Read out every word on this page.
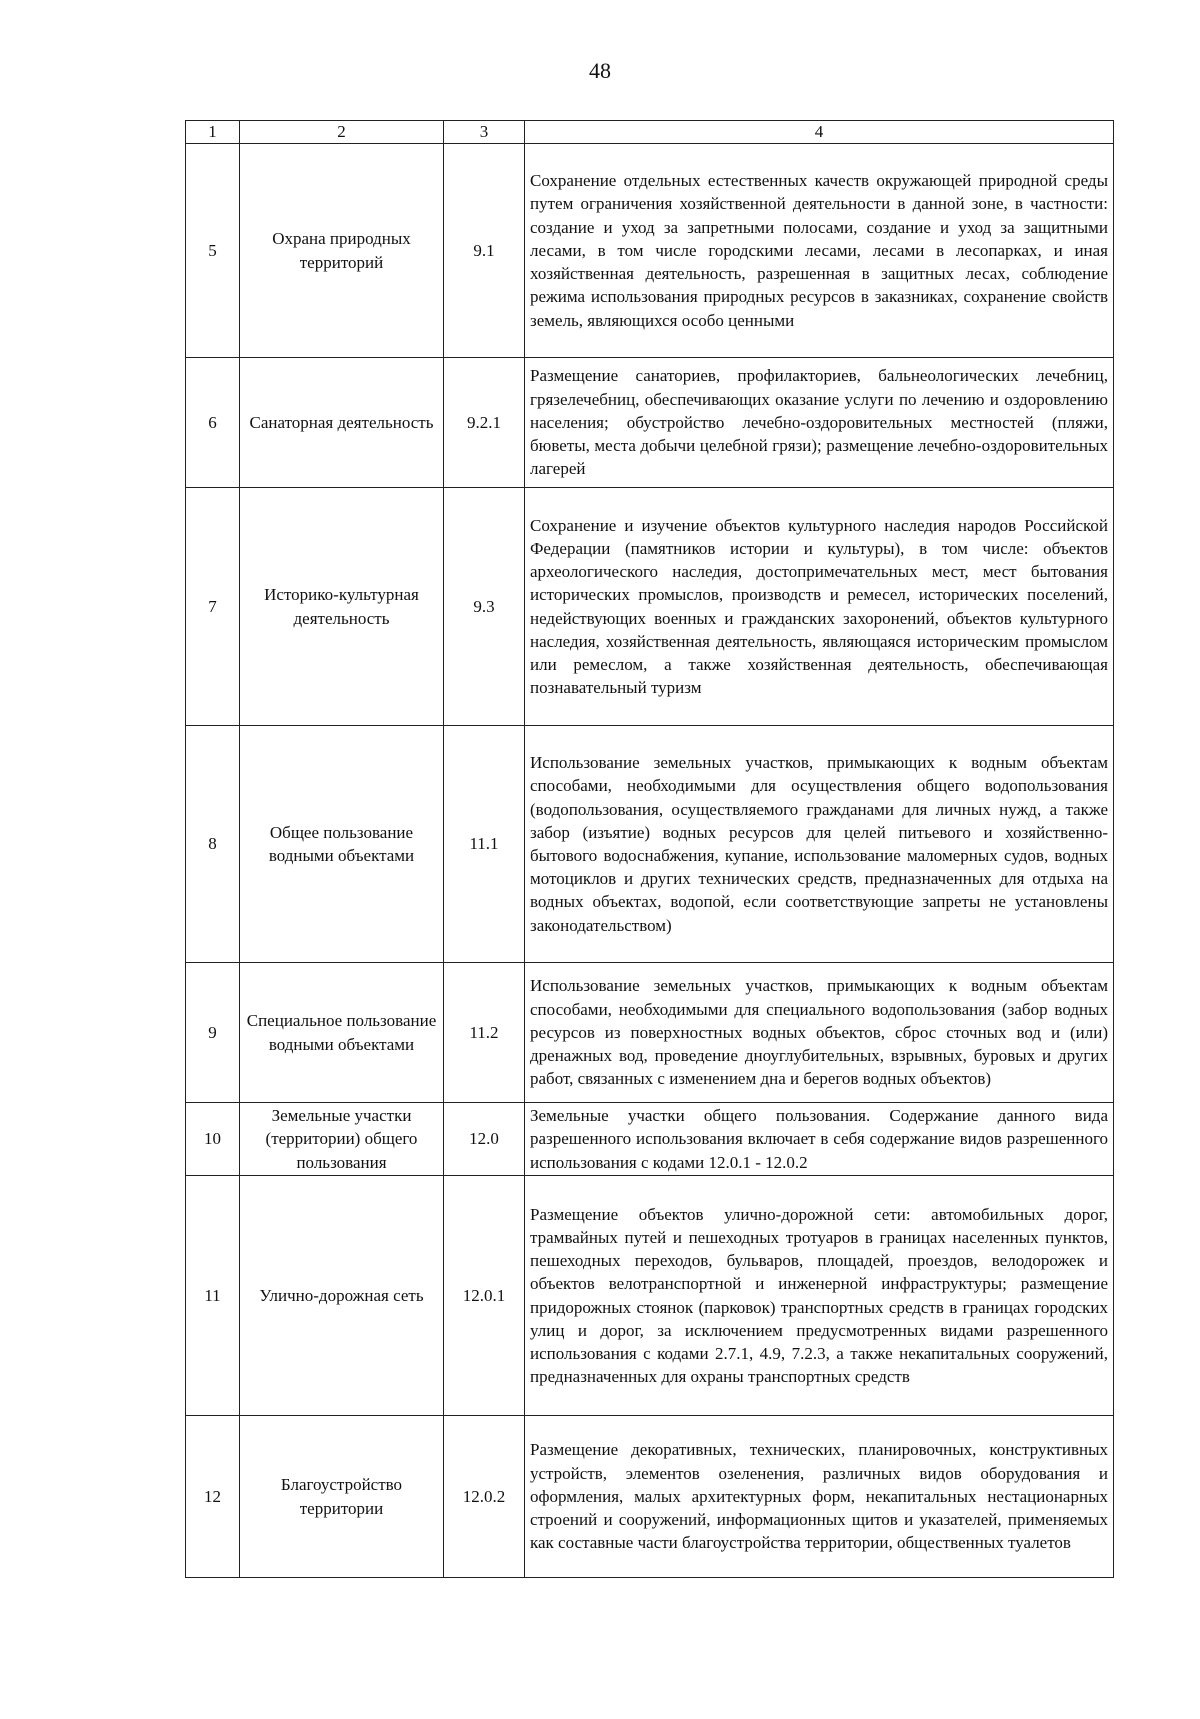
48
1	2	3	4
5	Охрана природных территорий	9.1	Сохранение отдельных естественных качеств окружающей природной среды путем ограничения хозяйственной деятельности в данной зоне, в частности: создание и уход за запретными полосами, создание и уход за защитными лесами, в том числе городскими лесами, лесами в лесопарках, и иная хозяйственная деятельность, разрешенная в защитных лесах, соблюдение режима использования природных ресурсов в заказниках, сохранение свойств земель, являющихся особо ценными
6	Санаторная деятельность	9.2.1	Размещение санаториев, профилакториев, бальнеологических лечебниц, грязелечебниц, обеспечивающих оказание услуги по лечению и оздоровлению населения; обустройство лечебно-оздоровительных местностей (пляжи, бюветы, места добычи целебной грязи); размещение лечебно-оздоровительных лагерей
7	Историко-культурная деятельность	9.3	Сохранение и изучение объектов культурного наследия народов Российской Федерации (памятников истории и культуры), в том числе: объектов археологического наследия, достопримечательных мест, мест бытования исторических промыслов, производств и ремесел, исторических поселений, недействующих военных и гражданских захоронений, объектов культурного наследия, хозяйственная деятельность, являющаяся историческим промыслом или ремеслом, а также хозяйственная деятельность, обеспечивающая познавательный туризм
8	Общее пользование водными объектами	11.1	Использование земельных участков, примыкающих к водным объектам способами, необходимыми для осуществления общего водопользования (водопользования, осуществляемого гражданами для личных нужд, а также забор (изъятие) водных ресурсов для целей питьевого и хозяйственно-бытового водоснабжения, купание, использование маломерных судов, водных мотоциклов и других технических средств, предназначенных для отдыха на водных объектах, водопой, если соответствующие запреты не установлены законодательством)
9	Специальное пользование водными объектами	11.2	Использование земельных участков, примыкающих к водным объектам способами, необходимыми для специального водопользования (забор водных ресурсов из поверхностных водных объектов, сброс сточных вод и (или) дренажных вод, проведение дноуглубительных, взрывных, буровых и других работ, связанных с изменением дна и берегов водных объектов)
10	Земельные участки (территории) общего пользования	12.0	Земельные участки общего пользования. Содержание данного вида разрешенного использования включает в себя содержание видов разрешенного использования с кодами 12.0.1 - 12.0.2
11	Улично-дорожная сеть	12.0.1	Размещение объектов улично-дорожной сети: автомобильных дорог, трамвайных путей и пешеходных тротуаров в границах населенных пунктов, пешеходных переходов, бульваров, площадей, проездов, велодорожек и объектов велотранспортной и инженерной инфраструктуры; размещение придорожных стоянок (парковок) транспортных средств в границах городских улиц и дорог, за исключением предусмотренных видами разрешенного использования с кодами 2.7.1, 4.9, 7.2.3, а также некапитальных сооружений, предназначенных для охраны транспортных средств
12	Благоустройство территории	12.0.2	Размещение декоративных, технических, планировочных, конструктивных устройств, элементов озеленения, различных видов оборудования и оформления, малых архитектурных форм, некапитальных нестационарных строений и сооружений, информационных щитов и указателей, применяемых как составные части благоустройства территории, общественных туалетов
